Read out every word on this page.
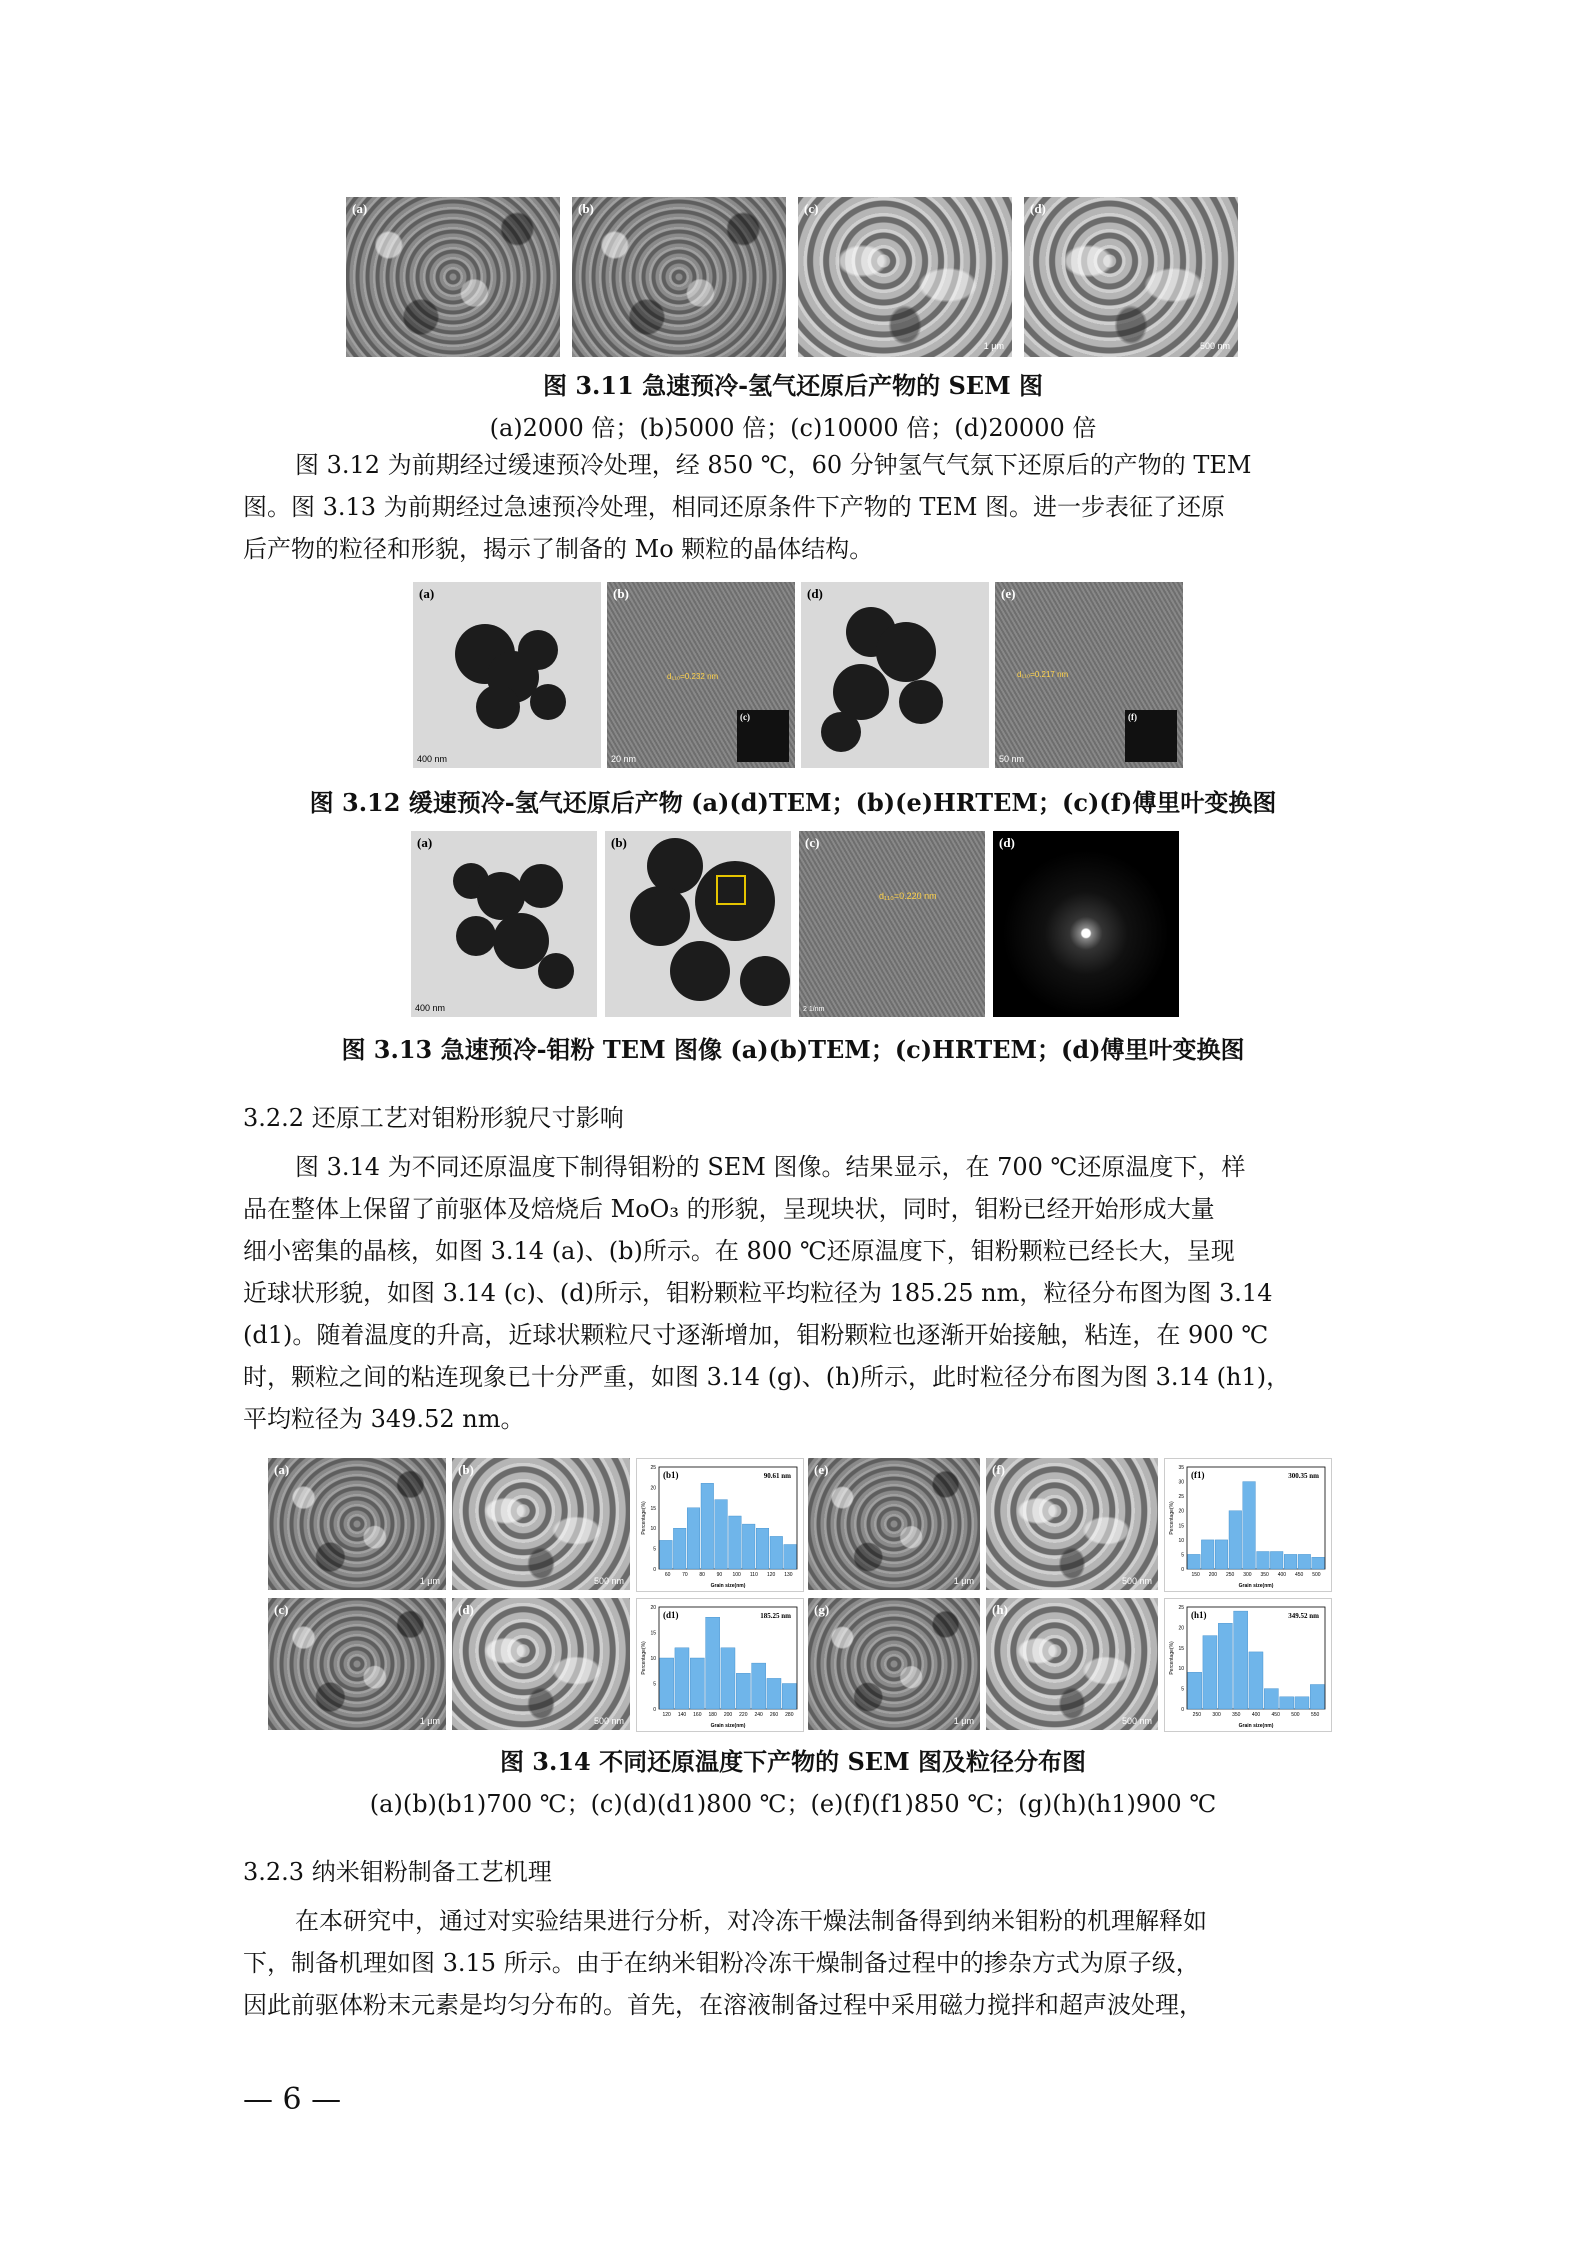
(a)	(b)	(c)
1 μm
(d)
500 nm
图 3.11 急速预冷-氢气还原后产物的 SEM 图
(a)2000 倍；(b)5000 倍；(c)10000 倍；(d)20000 倍
图 3.12 为前期经过缓速预冷处理，经 850 ℃，60 分钟氢气气氛下还原后的产物的 TEM
图。图 3.13 为前期经过急速预冷处理，相同还原条件下产物的 TEM 图。进一步表征了还原
后产物的粒径和形貌，揭示了制备的 Mo 颗粒的晶体结构。
(a)
400 nm
(b)
d₁₁₀=0.232 nm
(c)
20 nm
(d)	(e)
d₁₁₀=0.217 nm
(f)
50 nm
图 3.12 缓速预冷-氢气还原后产物 (a)(d)TEM；(b)(e)HRTEM；(c)(f)傅里叶变换图
(a)
400 nm
(b)	(c)
d₁₁₀=0.220 nm
2 1/nm
(d)
图 3.13 急速预冷-钼粉 TEM 图像 (a)(b)TEM；(c)HRTEM；(d)傅里叶变换图
3.2.2 还原工艺对钼粉形貌尺寸影响
图 3.14 为不同还原温度下制得钼粉的 SEM 图像。结果显示，在 700 ℃还原温度下，样
品在整体上保留了前驱体及焙烧后 MoO₃ 的形貌，呈现块状，同时，钼粉已经开始形成大量
细小密集的晶核，如图 3.14 (a)、(b)所示。在 800 ℃还原温度下，钼粉颗粒已经长大，呈现
近球状形貌，如图 3.14 (c)、(d)所示，钼粉颗粒平均粒径为 185.25 nm，粒径分布图为图 3.14
(d1)。随着温度的升高，近球状颗粒尺寸逐渐增加，钼粉颗粒也逐渐开始接触，粘连，在 900 ℃
时，颗粒之间的粘连现象已十分严重，如图 3.14 (g)、(h)所示，此时粒径分布图为图 3.14 (h1)，
平均粒径为 349.52 nm。
(a)
1 μm
(b)
500 nm
0
5
10
15
20
25
60 70 80 90 100 110 120 130
Grain size(nm)
Percentage(%)
(b1)	90.61 nm (e)
1 μm
(f)
500 nm
0
5
10
15
20
25
30
35
150 200 250 300 350 400 450 500
Grain size(nm)
Percentage(%)
(f1)	300.35 nm
(c)
1 μm
(d)
500 nm
0
5
10
15
20
120 140 160 180 200 220 240 260 280
Grain size(nm)
Percentage(%)
(d1)	185.25 nm (g)
1 μm
(h)
500 nm
0
5
10
15
20
25
250 300 350 400 450 500 550
Grain size(nm)
Percentage(%)
(h1)	349.52 nm
图 3.14 不同还原温度下产物的 SEM 图及粒径分布图
(a)(b)(b1)700 ℃；(c)(d)(d1)800 ℃；(e)(f)(f1)850 ℃；(g)(h)(h1)900 ℃
3.2.3 纳米钼粉制备工艺机理
在本研究中，通过对实验结果进行分析，对冷冻干燥法制备得到纳米钼粉的机理解释如
下，制备机理如图 3.15 所示。由于在纳米钼粉冷冻干燥制备过程中的掺杂方式为原子级，
因此前驱体粉末元素是均匀分布的。首先，在溶液制备过程中采用磁力搅拌和超声波处理，
— 6 —
